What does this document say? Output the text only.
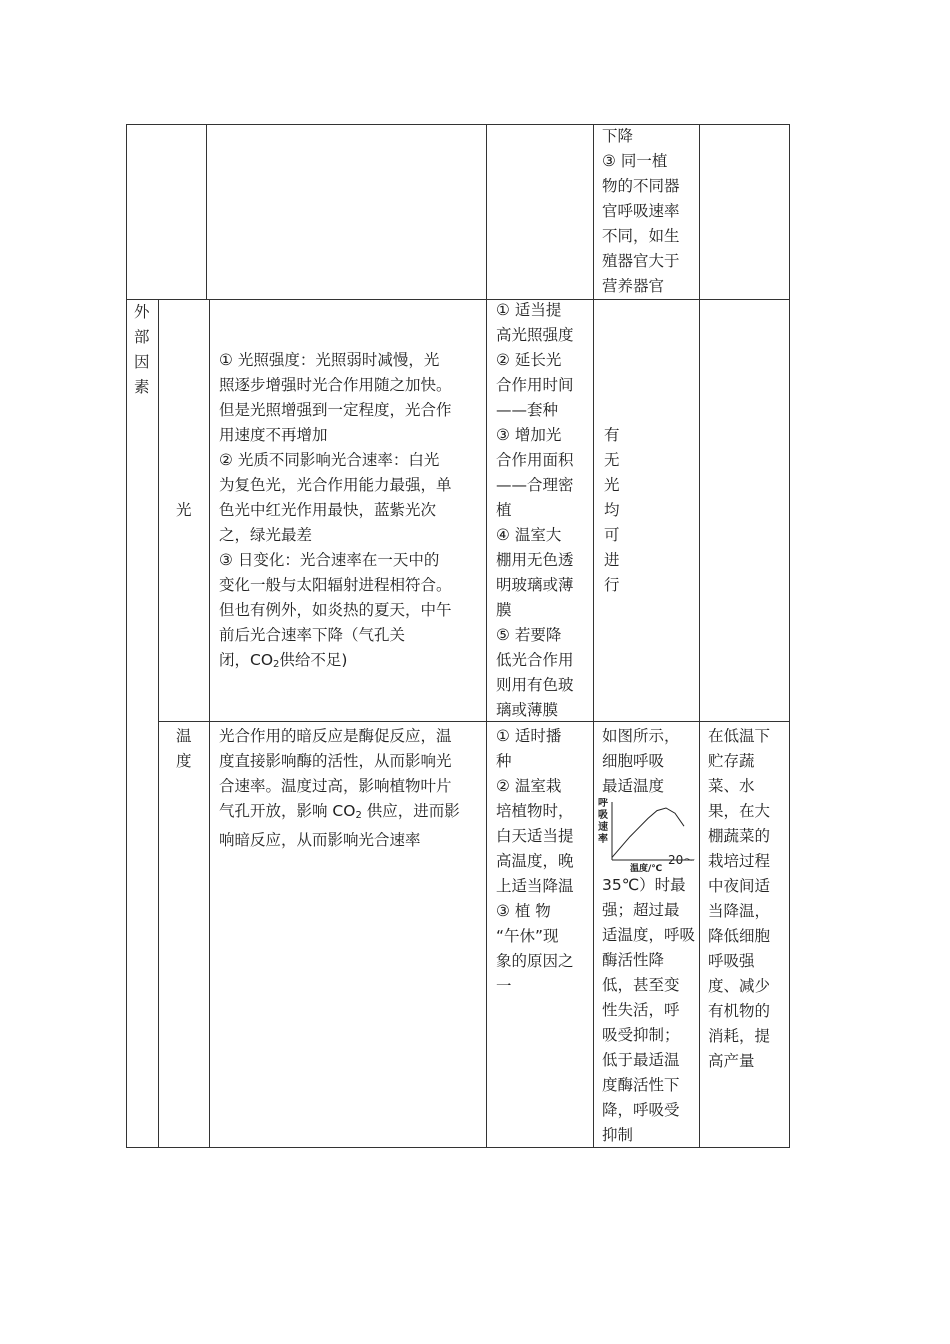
下降
③ 同一植
物的不同器
官呼吸速率
不同，如生
殖器官大于
营养器官
外
部
因
素
光
① 光照强度：光照弱时减慢，光
照逐步增强时光合作用随之加快。
但是光照增强到一定程度，光合作
用速度不再增加
② 光质不同影响光合速率：白光
为复色光，光合作用能力最强，单
色光中红光作用最快，蓝紫光次
之，绿光最差
③ 日变化：光合速率在一天中的
变化一般与太阳辐射进程相符合。
但也有例外，如炎热的夏天，中午
前后光合速率下降（气孔关
闭，$CO_2$供给不足)
① 适当提
高光照强度
② 延长光
合作用时间
——套种
③ 增加光
合作用面积
——合理密
植
④ 温室大
棚用无色透
明玻璃或薄
膜
⑤ 若要降
低光合作用
则用有色玻
璃或薄膜
有
无
光
均
可
进
行
温
度
光合作用的暗反应是酶促反应，温
度直接影响酶的活性，从而影响光
合速率。温度过高，影响植物叶片
气孔开放，影响 $CO_2$ 供应，进而影
响暗反应，从而影响光合速率
① 适时播
种
② 温室栽
培植物时，
白天适当提
高温度，晚
上适当降温
③ 植 物
“午休”现
象的原因之
一
如图所示，
细胞呼吸
最适温度
呼
吸
速
率
温度/℃
20～
35℃）时最
强；超过最
适温度，呼吸
酶活性降
低，甚至变
性失活，呼
吸受抑制；
低于最适温
度酶活性下
降，呼吸受
抑制
在低温下
贮存蔬
菜、水
果，在大
棚蔬菜的
栽培过程
中夜间适
当降温，
降低细胞
呼吸强
度、减少
有机物的
消耗，提
高产量
